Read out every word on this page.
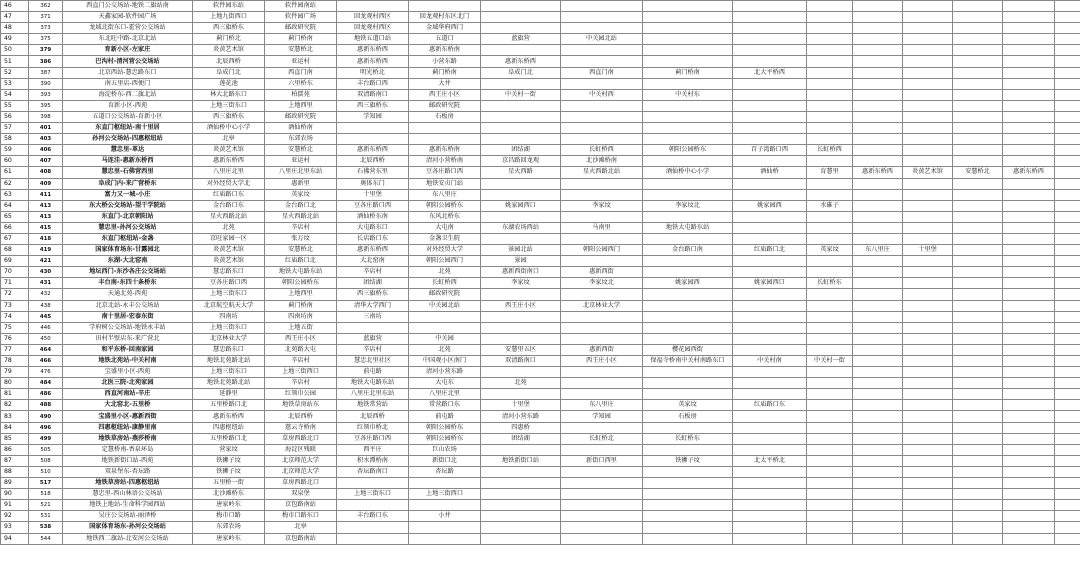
46	362	西直门公交场站-地铁二旗站南	软件园东站	软件园南站													
47	371	天鑫家园-软件园广场	上地九街西口	软件园广场	回龙观村西区	回龙观村东区北门											
48	373	龙域北街东口-霍营公交场站	西三旗桥东	邮政研究院	回龙观村西区	金域华府西门											
49	375	东北旺中路-北京北站	蓟门桥北	蓟门桥南	地铁五道口站	五道口	蓝旗营	中关园北站									
50	379	育新小区-左家庄	炎黄艺术馆	安慧桥北	惠新东桥西	惠新东桥南											
51	386	巴沟村-清河营公交场站	北辰西桥	亚运村	惠新东桥西	小营东路	惠新东桥西										
52	387	北京西站-慧忠路东口	阜成门北	西直门南	明光桥北	蓟门桥南	阜成门北	西直门南	蓟门桥南	北大平桥西							
53	390	南五里店-西便门	莲花池	六里桥东	丰台路口西	大井											
54	393	海淀桥东-西二旗北站	林大北路东口	柏儒苑	双清路南口	西王庄小区	中关村一街	中关村西	中关村东								
55	395	育新小区-西苑	上地三街东口	上地西里	西三旗桥东	邮政研究院											
56	398	五道口公交场站-育新小区	西三旗桥东	邮政研究院	学知园	石板房											
57	401	东直门枢纽站-南十里居	酒仙桥中心小学	酒仙桥南													
58	403	孙河公交场站-四惠枢纽站	北皋	东郊农场													
59	406	慧忠里-革达	炎黄艺术馆	安慧桥北	惠新东桥西	惠新东桥南	团结湖	长虹桥西	朝阳公园桥东	百子湾路口西	长虹桥西						
60	407	马连洼-惠新东桥西	惠新东桥西	亚运村	北辰西桥	清河小营桥南	京昌路回龙观	北沙滩桥南									
61	408	慧忠里-石佛营西里	八里庄北里	八里庄北里东站	石佛营东里	豆各庄路口西	星火西路	星火西路北站	酒仙桥中心小学	酒仙桥	育慧里	惠新东桥西	炎黄艺术馆	安慧桥北	惠新东桥西		
62	409	阜成门内-来广营桥东	对外经贸大学北	惠新里	奥体东门	地铁安贞门站											
63	411	富力又一城-小庄	红庙路口东	英家坟	十里堡	东八里庄											
64	413	东大桥公交场站-望干学院站	金台路口东	金台路口北	豆各庄路口西	朝阳公园桥东	姚家园西口	李家坟	李家坟北	姚家园西	水碓子						
65	413	东直门-北京朝阳站	星火西路北站	星火西路北站	酒仙桥东南	东风北桥东											
66	415	慧忠里-孙河公交场站	北苑	辛店村	大屯路东口	大屯南	东湖农场西站	马南里	地铁大屯路东站								
67	418	东直门枢纽站-金盏	京旺家园一区	张万坟	长店路口东	金盏卫生院											
68	419	国家体育场东-甘露园北	炎黄艺术馆	安慧桥北	惠新东桥西	对外经贸大学	景园北站	朝阳公园西门	金台路口南	红庙路口北	英家坟	东八里庄	十里堡				
69	421	东湖-大北窑南	炎黄艺术馆	红庙路口北	大北窑南	朝阳公园西门	景园										
70	430	地坛西门-东沙各庄公交场站	慧忠路东口	地铁大屯路东站	辛店村	北苑	惠新西街南口	惠新西街									
71	431	丰台南-东四十条桥东	豆各庄路口西	朝阳公园桥东	团结湖	长虹桥西	李家坟	李家坟北	姚家园西	姚家园西口	长虹桥东						
72	432	天通北苑-西苑	上地三街东口	上地西里	西三旗桥东	邮政研究院											
73	438	北京北站-永丰公交场站	北京航空航天大学	蓟门桥南	清华大学西门	中关园北站	西王庄小区	北京林业大学									
74	445	南十里居-宏泰东街	四南坊	四南坊南	三南坊												
75	446	学府树公交场站-地铁永丰站	上地三街东口	上地五街													
76	450	田村半壁店东-来广营北	北京林业大学	西王庄小区	蓝旗营	中关园											
77	464	和平东桥-回南家园	慧忠路东口	北苑路大屯	辛店村	北苑	安慧里五区	惠新西街	樱花园西街								
78	466	地铁北苑站-中关村南	地铁北苑路北站	辛店村	慧忠北里社区	中国观小区南门	双清路南口	西王庄小区	保福寺桥南中关村南路东口	中关村南	中关村一街						
79	476	宝盛里小区-西苑	上地三街东口	上地三街西口	前屯路	清河小营东路											
80	484	北医三院-北苑家园	地铁北苑路北站	辛店村	地铁大屯路东站	大屯东	北苑										
81	486	西直河南站-辛庄	延静里	红领巾公园	八里庄北里东站	八里庄北里											
82	488	大北窑北-五里桥	五里桥路口北	地铁草房站东	地铁常营站	常营路口东	十里堡	东八里庄	英家坟	红庙路口东							
83	490	宝盛里小区-惠新西街	惠新东桥西	北辰西桥	北辰西桥	前屯路	清河小营东路	学知园	石板房								
84	496	四惠枢纽站-康静里南	四惠枢纽站	慈云寺桥南	红领巾桥北	朝阳公园桥东	四惠桥										
85	499	地铁草房站-燕莎桥南	五里桥路口北	草房西路北口	豆各庄路口西	朝阳公园桥东	团结湖	长虹桥北	长虹桥东								
86	505	定慧桥南-香泉环岛	营家坟	海淀区残联	西平庄	巨山农场											
87	508	地铁新街口站-西苑	铁狮子坟	北京师范大学	积水潭桥南	新街口北	地铁新街口站	新街口西里	铁狮子坟	北太平桥北							
88	510	双泉堡东-杏坛路	铁狮子坟	北京师范大学	杏坛路南口	杏坛路											
89	517	地铁草房站-四惠枢纽站	五里桥一街	草房西路北口													
90	518	慧忠里-西山林语公交场站	北沙滩桥东	双泉堡	上地三街东口	上地三街西口											
91	521	地铁上地站-生命科学园西站	唐家岭东	京包路南站													
92	531	吴庄公交场站-丽泽桥	梅市口路	梅市口路东口	丰台路口东	小井											
93	538	国家体育场东-孙河公交场站	东郊农场	北皋													
94	544	地铁西二旗站-北安河公交场站	唐家岭东	京包路南站													
